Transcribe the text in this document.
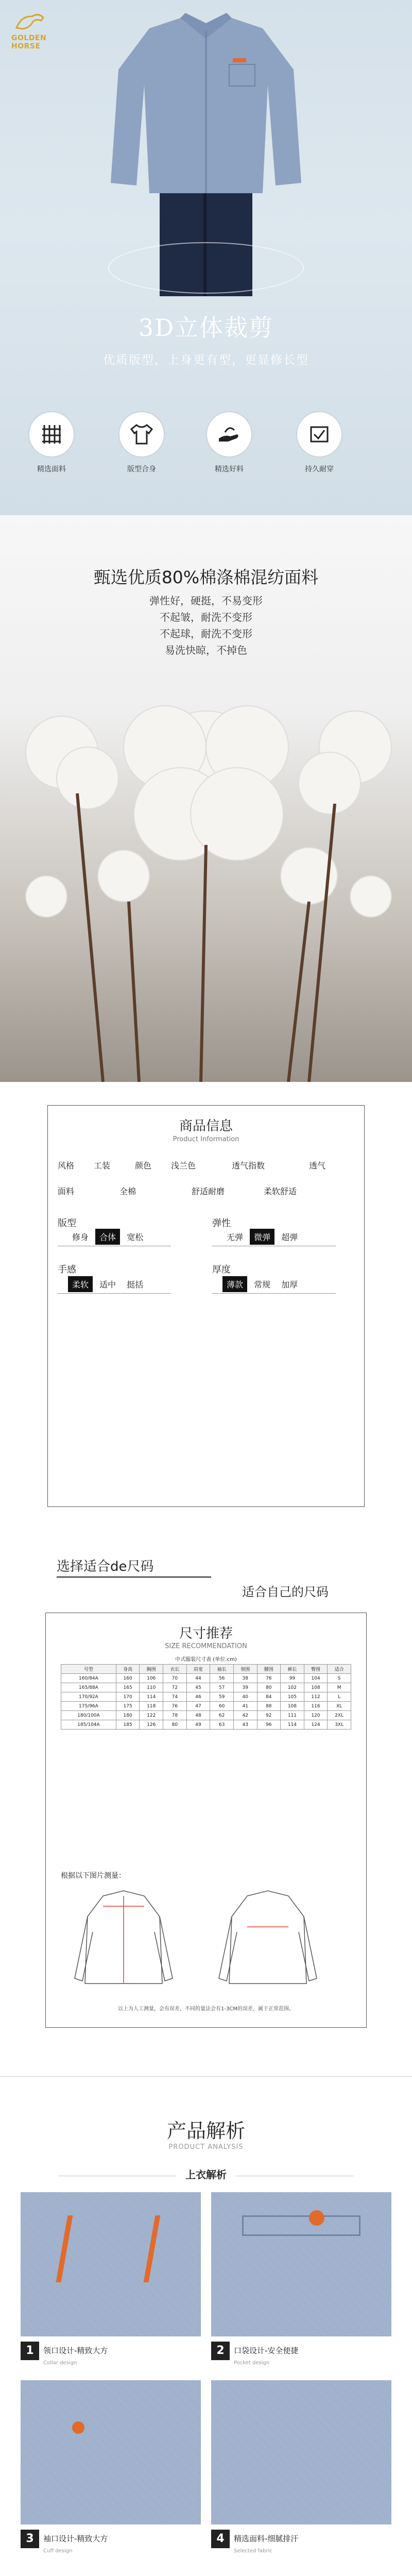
GOLDEN HORSE
3D立体裁剪
优质版型，上身更有型，更显修长型
精选面料	版型合身	精选好料	持久耐穿
甄选优质80%棉涤棉混纺面料
弹性好，硬挺，不易变形
不起皱，耐洗不变形
不起球，耐洗不变形
易洗快晾，不掉色
商品信息
Product Information
风格 工装	颜色 浅兰色	透气指数	透气
面料	全棉	舒适耐磨	柔软舒适
版型
修身 合体 宽松
弹性
无弹 微弹 超弹
手感
柔软 适中 挺括
厚度
薄款 常规 加厚
选择适合de尺码
适合自己的尺码
尺寸推荐
SIZE RECOMMENDATION
中式服装尺寸表 (单位:cm)
号型	身高	胸围	衣长	肩宽	袖长	领围	腰围	裤长	臀围	适合
160/84A	160	106	70	44	56	38	76	99	104	S
165/88A	165	110	72	45	57	39	80	102	108	M
170/92A	170	114	74	46	59	40	84	105	112	L
175/96A	175	118	76	47	60	41	88	108	116	XL
180/100A	180	122	78	48	62	42	92	111	120	2XL
185/104A	185	126	80	49	63	43	96	114	124	3XL
根据以下图片测量：
以上为人工测量，会有误差，不同的量法会有1-3CM的误差，属于正常范围。
产品解析
PRODUCT ANALYSIS
上衣解析
1 领口设计-精致大方
Collar design
2 口袋设计-安全便捷
Pocket design
3 袖口设计-精致大方
Cuff design
4 精选面料-细腻排汗
Selected fabric
